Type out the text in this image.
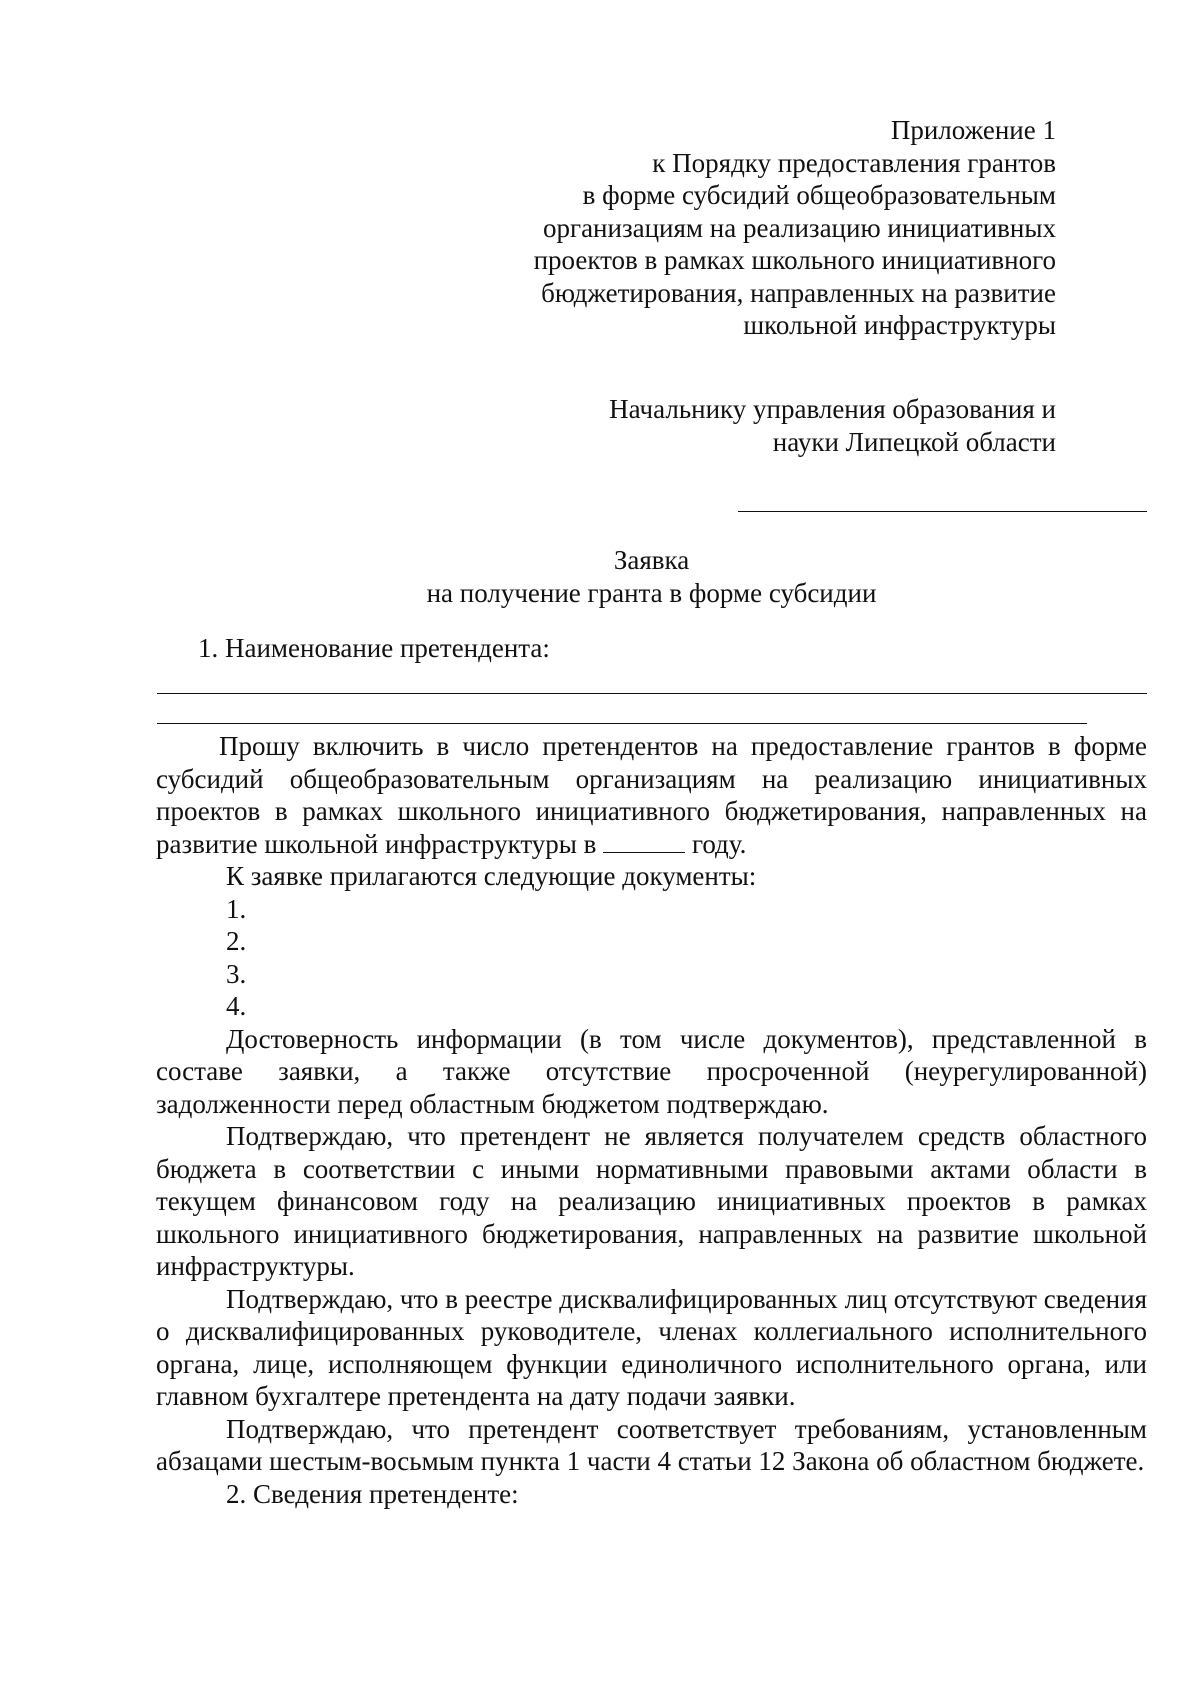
Приложение 1
к Порядку предоставления грантов
в форме субсидий общеобразовательным
организациям на реализацию инициативных
проектов в рамках школьного инициативного
бюджетирования, направленных на развитие
школьной инфраструктуры
Начальнику управления образования и
науки Липецкой области
Заявка
на получение гранта в форме субсидии
1. Наименование претендента:

Прошу включить в число претендентов на предоставление грантов в форме субсидий общеобразовательным организациям на реализацию инициативных проектов в рамках школьного инициативного бюджетирования, направленных на развитие школьной инфраструктуры в	году.

К заявке прилагаются следующие документы:

1.

2.

3.

4.

Достоверность информации (в том числе документов), представленной в составе заявки, а также отсутствие просроченной (неурегулированной) задолженности перед областным бюджетом подтверждаю.

Подтверждаю, что претендент не является получателем средств областного бюджета в соответствии с иными нормативными правовыми актами области в текущем финансовом году на реализацию инициативных проектов в рамках школьного инициативного бюджетирования, направленных на развитие школьной инфраструктуры.

Подтверждаю, что в реестре дисквалифицированных лиц отсутствуют сведения о дисквалифицированных руководителе, членах коллегиального исполнительного органа, лице, исполняющем функции единоличного исполнительного органа, или главном бухгалтере претендента на дату подачи заявки.

Подтверждаю, что претендент соответствует требованиям, установленным абзацами шестым-восьмым пункта 1 части 4 статьи 12 Закона об областном бюджете.

2. Сведения претенденте:
